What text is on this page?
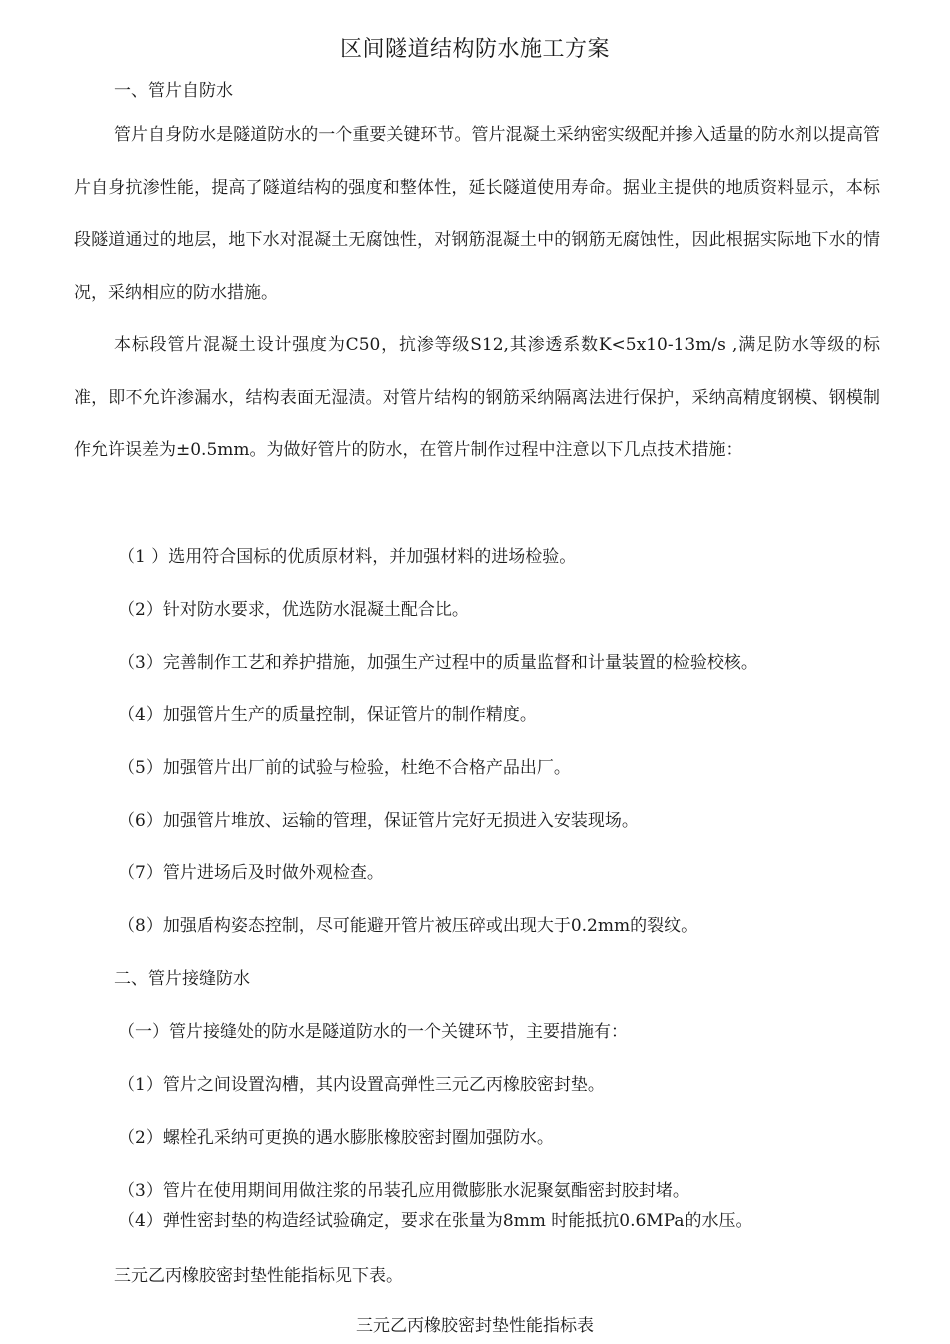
区间隧道结构防水施工方案
一、管片自防水

管片自身防水是隧道防水的一个重要关键环节。管片混凝土采纳密实级配并掺入适量的防水剂以提高管片自身抗渗性能，提高了隧道结构的强度和整体性，延长隧道使用寿命。据业主提供的地质资料显示，本标段隧道通过的地层，地下水对混凝土无腐蚀性，对钢筋混凝土中的钢筋无腐蚀性，因此根据实际地下水的情况，采纳相应的防水措施。

本标段管片混凝土设计强度为C50，抗渗等级S12,其渗透系数K<5x10-13m/s ,满足防水等级的标准，即不允许渗漏水，结构表面无湿渍。对管片结构的钢筋采纳隔离法进行保护，采纳高精度钢模、钢模制作允许误差为±0.5mm。为做好管片的防水，在管片制作过程中注意以下几点技术措施：

（1 ）选用符合国标的优质原材料，并加强材料的进场检验。
（2）针对防水要求，优选防水混凝土配合比。
（3）完善制作工艺和养护措施，加强生产过程中的质量监督和计量装置的检验校核。
（4）加强管片生产的质量控制，保证管片的制作精度。
（5）加强管片出厂前的试验与检验，杜绝不合格产品出厂。
（6）加强管片堆放、运输的管理，保证管片完好无损进入安装现场。
（7）管片进场后及时做外观检查。
（8）加强盾构姿态控制，尽可能避开管片被压碎或出现大于0.2mm的裂纹。
二、管片接缝防水
（一）管片接缝处的防水是隧道防水的一个关键环节，主要措施有：
（1）管片之间设置沟槽，其内设置高弹性三元乙丙橡胶密封垫。
（2）螺栓孔采纳可更换的遇水膨胀橡胶密封圈加强防水。
（3）管片在使用期间用做注浆的吊装孔应用微膨胀水泥聚氨酯密封胶封堵。
（4）弹性密封垫的构造经试验确定，要求在张量为8mm 时能抵抗0.6MPa的水压。
三元乙丙橡胶密封垫性能指标见下表。
三元乙丙橡胶密封垫性能指标表
